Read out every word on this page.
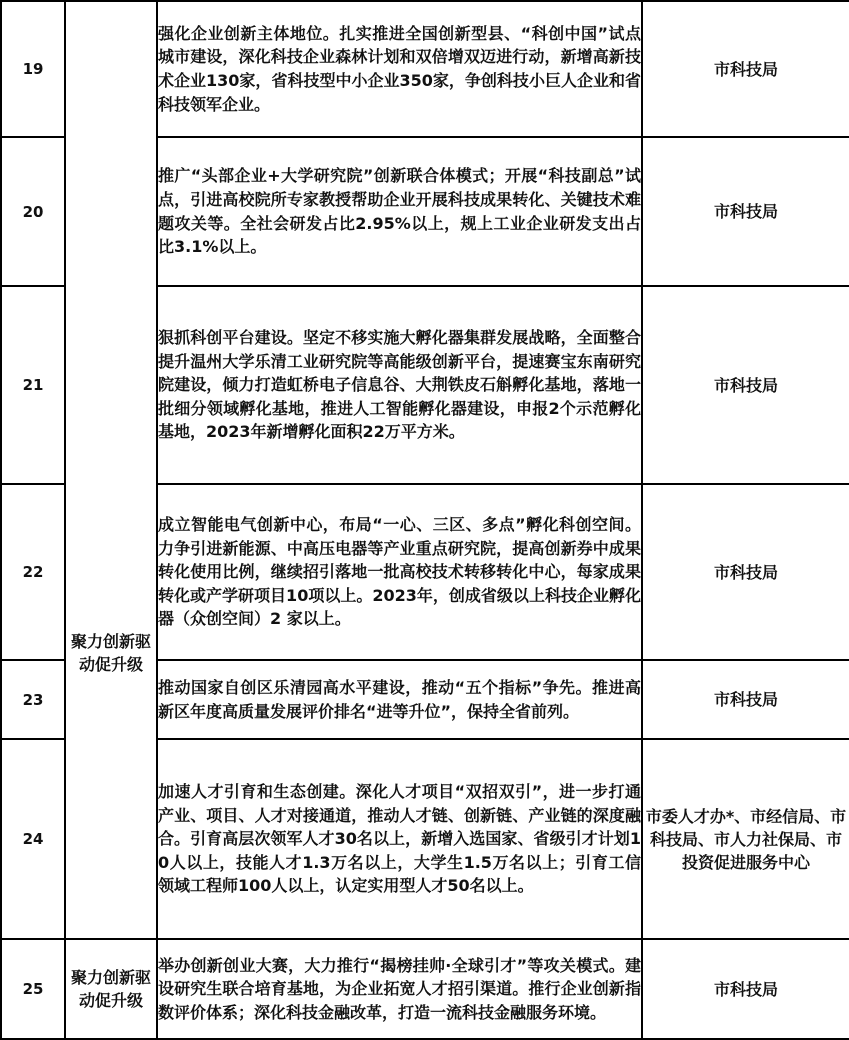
19	聚力创新驱动促升级	强化企业创新主体地位。扎实推进全国创新型县、“科创中国”试点城市建设，深化科技企业森林计划和双倍增双迈进行动，新增高新技术企业130家，省科技型中小企业350家，争创科技小巨人企业和省科技领军企业。	市科技局
20		推广“头部企业+大学研究院”创新联合体模式；开展“科技副总”试点，引进高校院所专家教授帮助企业开展科技成果转化、关键技术难题攻关等。全社会研发占比2.95%以上，规上工业企业研发支出占比3.1%以上。	市科技局
21		狠抓科创平台建设。坚定不移实施大孵化器集群发展战略，全面整合提升温州大学乐清工业研究院等高能级创新平台，提速赛宝东南研究院建设，倾力打造虹桥电子信息谷、大荆铁皮石斛孵化基地，落地一批细分领域孵化基地，推进人工智能孵化器建设，申报2个示范孵化基地，2023年新增孵化面积22万平方米。	市科技局
22		成立智能电气创新中心，布局“一心、三区、多点”孵化科创空间。力争引进新能源、中高压电器等产业重点研究院，提高创新券中成果转化使用比例，继续招引落地一批高校技术转移转化中心，每家成果转化或产学研项目10项以上。2023年，创成省级以上科技企业孵化器（众创空间）2 家以上。	市科技局
23		推动国家自创区乐清园高水平建设，推动“五个指标”争先。推进高新区年度高质量发展评价排名“进等升位”，保持全省前列。	市科技局
24		加速人才引育和生态创建。深化人才项目“双招双引”，进一步打通产业、项目、人才对接通道，推动人才链、创新链、产业链的深度融合。引育高层次领军人才30名以上，新增入选国家、省级引才计划10人以上，技能人才1.3万名以上，大学生1.5万名以上；引育工信领域工程师100人以上，认定实用型人才50名以上。	市委人才办*、市经信局、市科技局、市人力社保局、市投资促进服务中心
25	聚力创新驱动促升级	举办创新创业大赛，大力推行“揭榜挂帅·全球引才”等攻关模式。建设研究生联合培育基地，为企业拓宽人才招引渠道。推行企业创新指数评价体系；深化科技金融改革，打造一流科技金融服务环境。	市科技局
